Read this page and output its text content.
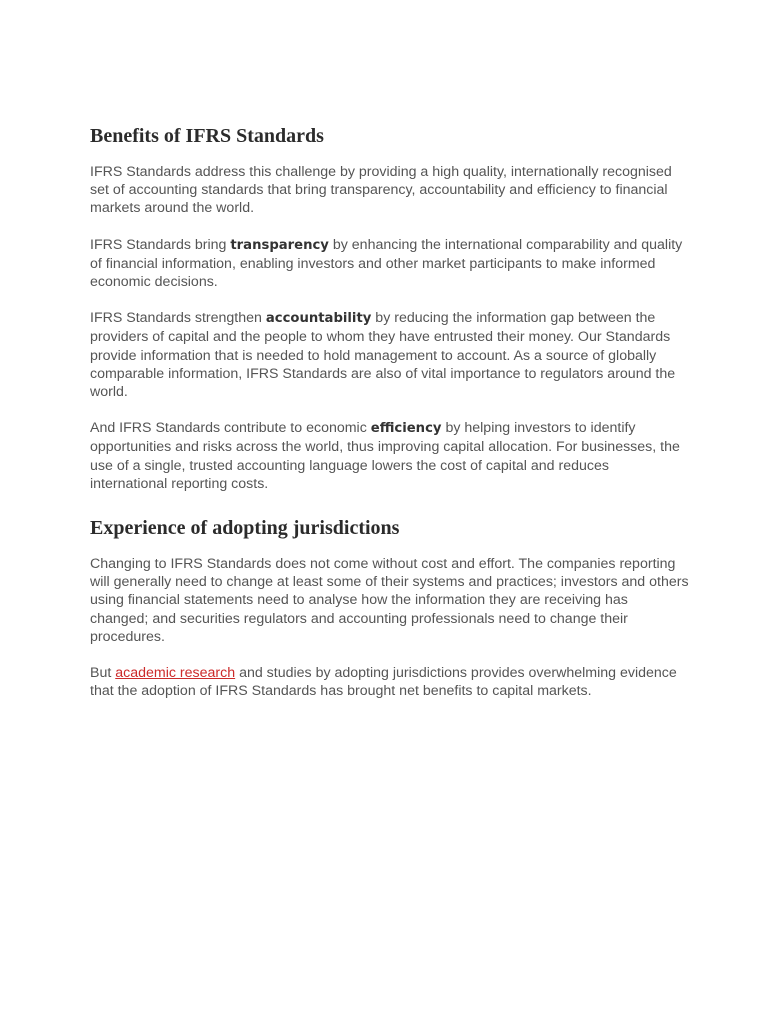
Benefits of IFRS Standards

IFRS Standards address this challenge by providing a high quality, internationally recognised set of accounting standards that bring transparency, accountability and efficiency to financial markets around the world.

IFRS Standards bring transparency by enhancing the international comparability and quality of financial information, enabling investors and other market participants to make informed economic decisions.

IFRS Standards strengthen accountability by reducing the information gap between the providers of capital and the people to whom they have entrusted their money. Our Standards provide information that is needed to hold management to account. As a source of globally comparable information, IFRS Standards are also of vital importance to regulators around the world.

And IFRS Standards contribute to economic efficiency by helping investors to identify opportunities and risks across the world, thus improving capital allocation. For businesses, the use of a single, trusted accounting language lowers the cost of capital and reduces international reporting costs.

Experience of adopting jurisdictions

Changing to IFRS Standards does not come without cost and effort. The companies reporting will generally need to change at least some of their systems and practices; investors and others using financial statements need to analyse how the information they are receiving has changed; and securities regulators and accounting professionals need to change their procedures.

But academic research and studies by adopting jurisdictions provides overwhelming evidence that the adoption of IFRS Standards has brought net benefits to capital markets.
